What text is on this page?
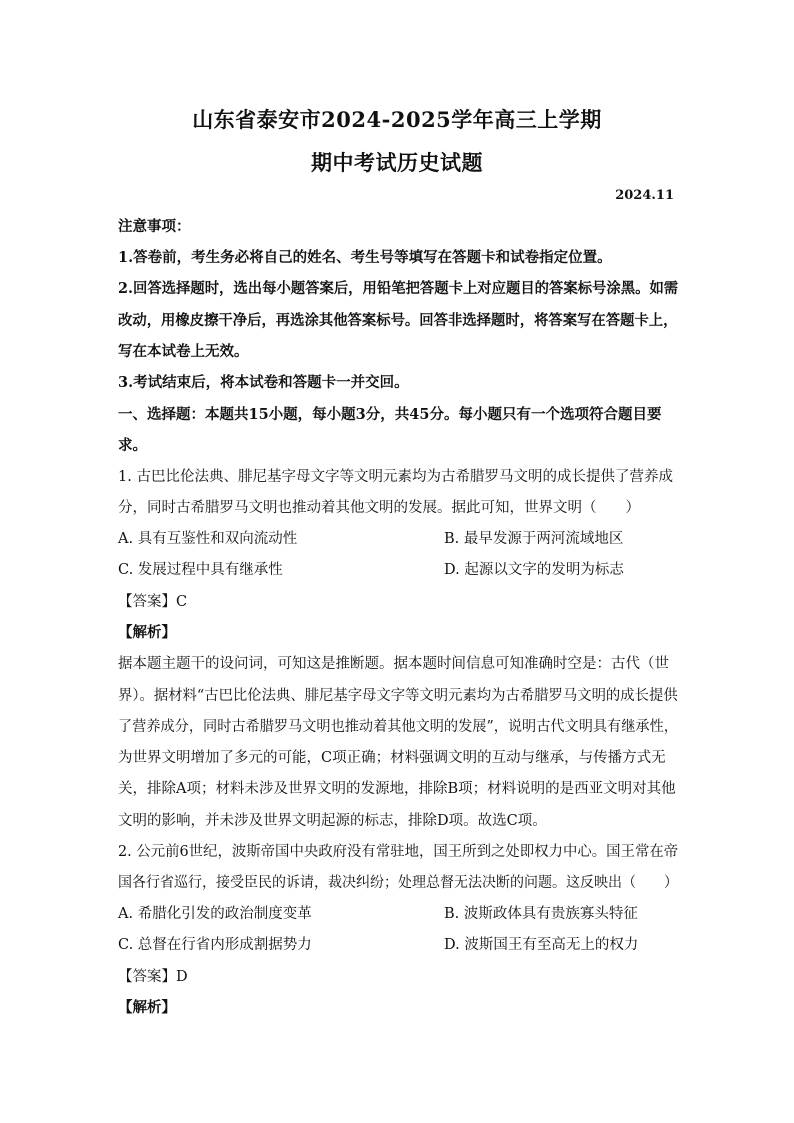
山东省泰安市2024-2025学年高三上学期
期中考试历史试题
2024.11
注意事项：
1.答卷前，考生务必将自己的姓名、考生号等填写在答题卡和试卷指定位置。
2.回答选择题时，选出每小题答案后，用铅笔把答题卡上对应题目的答案标号涂黑。如需
改动，用橡皮擦干净后，再选涂其他答案标号。回答非选择题时，将答案写在答题卡上，
写在本试卷上无效。
3.考试结束后，将本试卷和答题卡一并交回。
一、选择题：本题共15小题，每小题3分，共45分。每小题只有一个选项符合题目要
求。
1. 古巴比伦法典、腓尼基字母文字等文明元素均为古希腊罗马文明的成长提供了营养成
分，同时古希腊罗马文明也推动着其他文明的发展。据此可知，世界文明（　　）
A. 具有互鉴性和双向流动性	B. 最早发源于两河流域地区
C. 发展过程中具有继承性	D. 起源以文字的发明为标志
【答案】C
【解析】
据本题主题干的设问词，可知这是推断题。据本题时间信息可知准确时空是：古代（世
界）。据材料“古巴比伦法典、腓尼基字母文字等文明元素均为古希腊罗马文明的成长提供
了营养成分，同时古希腊罗马文明也推动着其他文明的发展”，说明古代文明具有继承性，
为世界文明增加了多元的可能，C项正确；材料强调文明的互动与继承，与传播方式无
关，排除A项；材料未涉及世界文明的发源地，排除B项；材料说明的是西亚文明对其他
文明的影响，并未涉及世界文明起源的标志，排除D项。故选C项。
2. 公元前6世纪，波斯帝国中央政府没有常驻地，国王所到之处即权力中心。国王常在帝
国各行省巡行，接受臣民的诉请，裁决纠纷；处理总督无法决断的问题。这反映出（　　）
A. 希腊化引发的政治制度变革	B. 波斯政体具有贵族寡头特征
C. 总督在行省内形成割据势力	D. 波斯国王有至高无上的权力
【答案】D
【解析】
